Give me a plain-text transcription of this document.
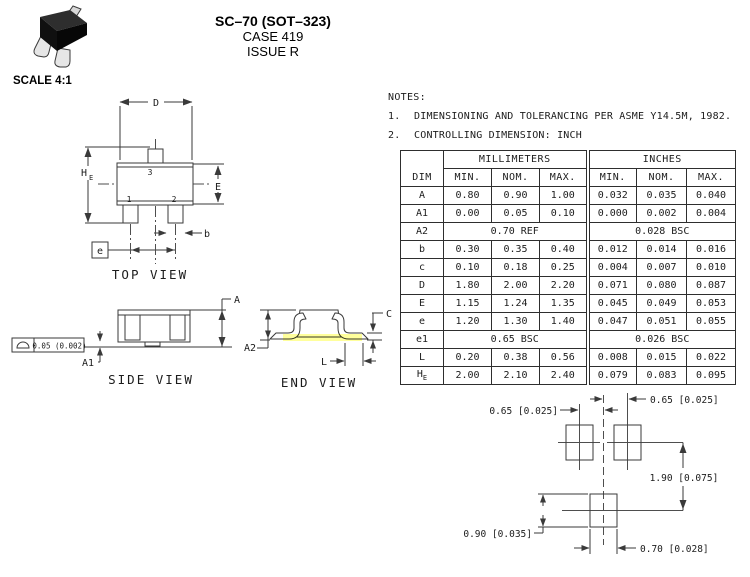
SCALE 4:1
SC–70 (SOT–323)
CASE 419
ISSUE R
NOTES:
1.	DIMENSIONING AND TOLERANCING PER ASME Y14.5M, 1982.
2.	CONTROLLING DIMENSION: INCH
DIM	MILLIMETERS			INCHES		
	MIN.	NOM.	MAX.	MIN.	NOM.	MAX.
A	0.80	0.90	1.00	0.032	0.035	0.040
A1	0.00	0.05	0.10	0.000	0.002	0.004
A2	0.70 REF			0.028 BSC		
b	0.30	0.35	0.40	0.012	0.014	0.016
c	0.10	0.18	0.25	0.004	0.007	0.010
D	1.80	2.00	2.20	0.071	0.080	0.087
E	1.15	1.24	1.35	0.045	0.049	0.053
e	1.20	1.30	1.40	0.047	0.051	0.055
e1	0.65 BSC			0.026 BSC		
L	0.20	0.38	0.56	0.008	0.015	0.022
$H_E$	2.00	2.10	2.40	0.079	0.083	0.095
D
H E
E
b
e
3
1	2
TOP VIEW
0.05 (0.002)
A
A1
SIDE VIEW
A2
C
L
END VIEW
0.65 [0.025]
0.65 [0.025]
1.90 [0.075]
0.90 [0.035]
0.70 [0.028]
